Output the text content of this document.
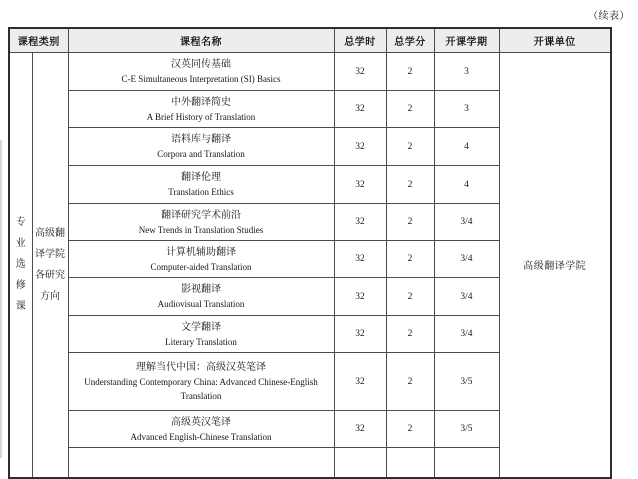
（续表）
课程类别		课程名称	总学时	总学分	开课学期	开课单位

专业选修课	高级翻译学院各研究方向	汉英同传基础
C-E Simultaneous Interpretation (SI) Basics	32	2	3	高级翻译学院

		中外翻译简史
A Brief History of Translation	32	2	3	

		语料库与翻译
Corpora and Translation	32	2	4	

		翻译伦理
Translation Ethics	32	2	4	

		翻译研究学术前沿
New Trends in Translation Studies	32	2	3/4	

		计算机辅助翻译
Computer-aided Translation	32	2	3/4	

		影视翻译
Audiovisual Translation	32	2	3/4	

		文学翻译
Literary Translation	32	2	3/4	

		理解当代中国：高级汉英笔译
Understanding Contemporary China: Advanced Chinese-English Translation	32	2	3/5	

		高级英汉笔译
Advanced English-Chinese Translation	32	2	3/5	
